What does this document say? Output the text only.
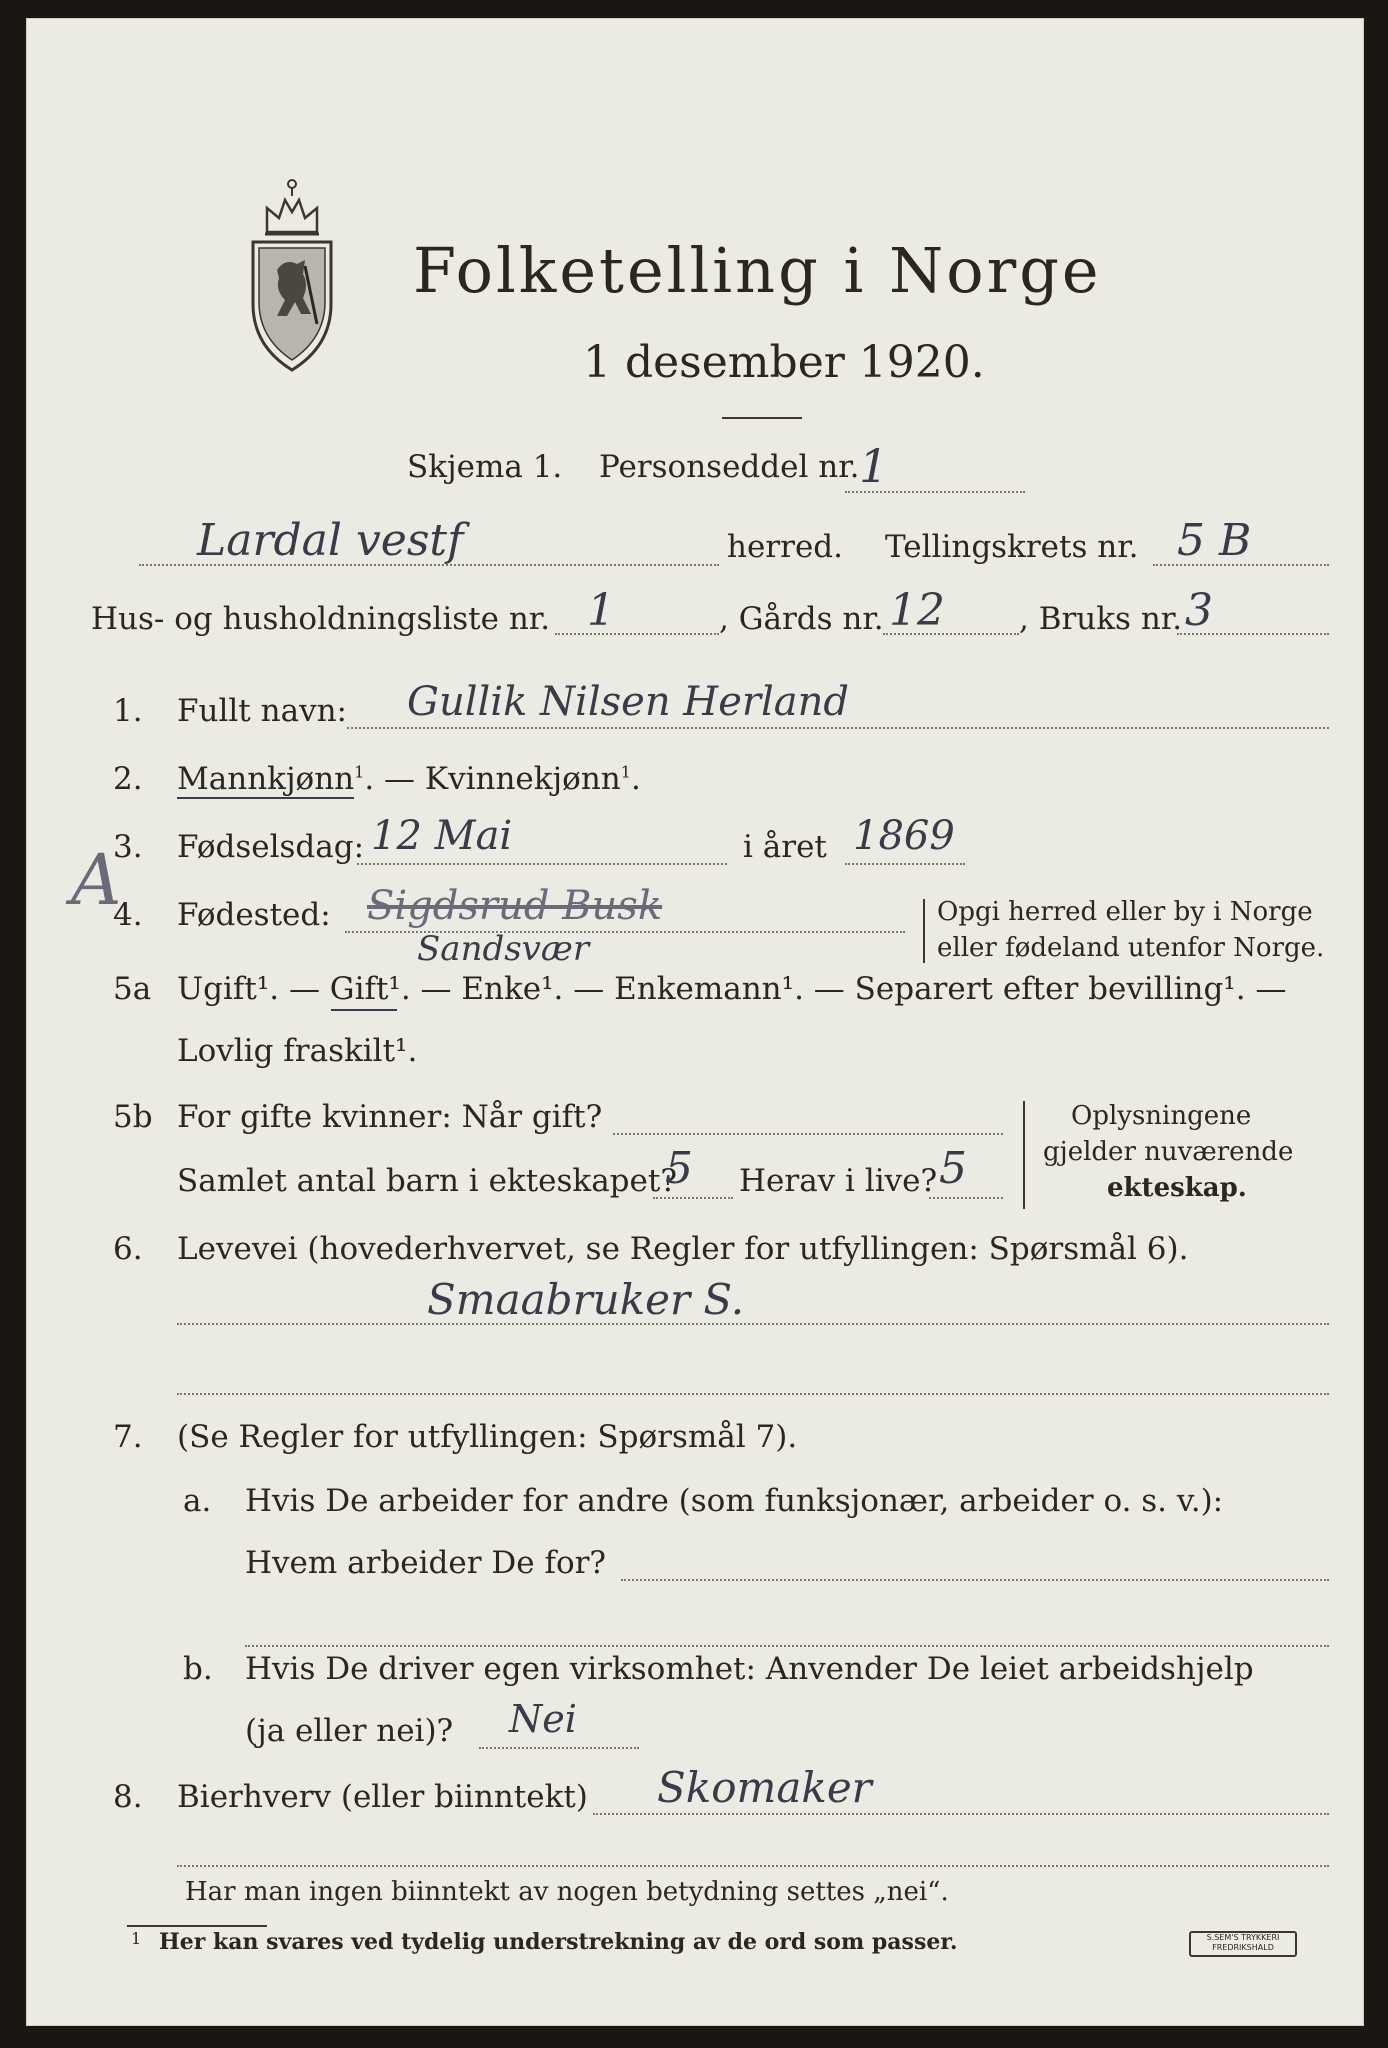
Folketelling i Norge
1 desember 1920.
Skjema 1. Personseddel nr. 1
Lardal vestf	herred. Tellingskrets nr. 5 B
Hus- og husholdningsliste nr. 1	, Gårds nr. 12 , Bruks nr. 3
1. Fullt navn: Gullik Nilsen Herland
2. Mannkjønn$^1$. — Kvinnekjønn$^1$.
3. Fødselsdag: 12 Mai	i året 1869
A
4. Fødested: Sigdsrud Busk
Sandsvær
Opgi herred eller by i Norge
eller fødeland utenfor Norge.
5a Ugift¹. — Gift¹. — Enke¹. — Enkemann¹. — Separert efter bevilling¹. —
Lovlig fraskilt¹.
5b For gifte kvinner: Når gift?
Samlet antal barn i ekteskapet?
5 Herav i live? 5
Oplysningene
gjelder nuværende
ekteskap.
6. Levevei (hovederhvervet, se Regler for utfyllingen: Spørsmål 6).
Smaabruker S.
7. (Se Regler for utfyllingen: Spørsmål 7).
a. Hvis De arbeider for andre (som funksjonær, arbeider o. s. v.):
Hvem arbeider De for?
b. Hvis De driver egen virksomhet: Anvender De leiet arbeidshjelp
(ja eller nei)? Nei
8. Bierhverv (eller biinntekt) Skomaker
Har man ingen biinntekt av nogen betydning settes „nei“.
1 Her kan svares ved tydelig understrekning av de ord som passer.	S.SEM'S TRYKKERI FREDRIKSHALD
